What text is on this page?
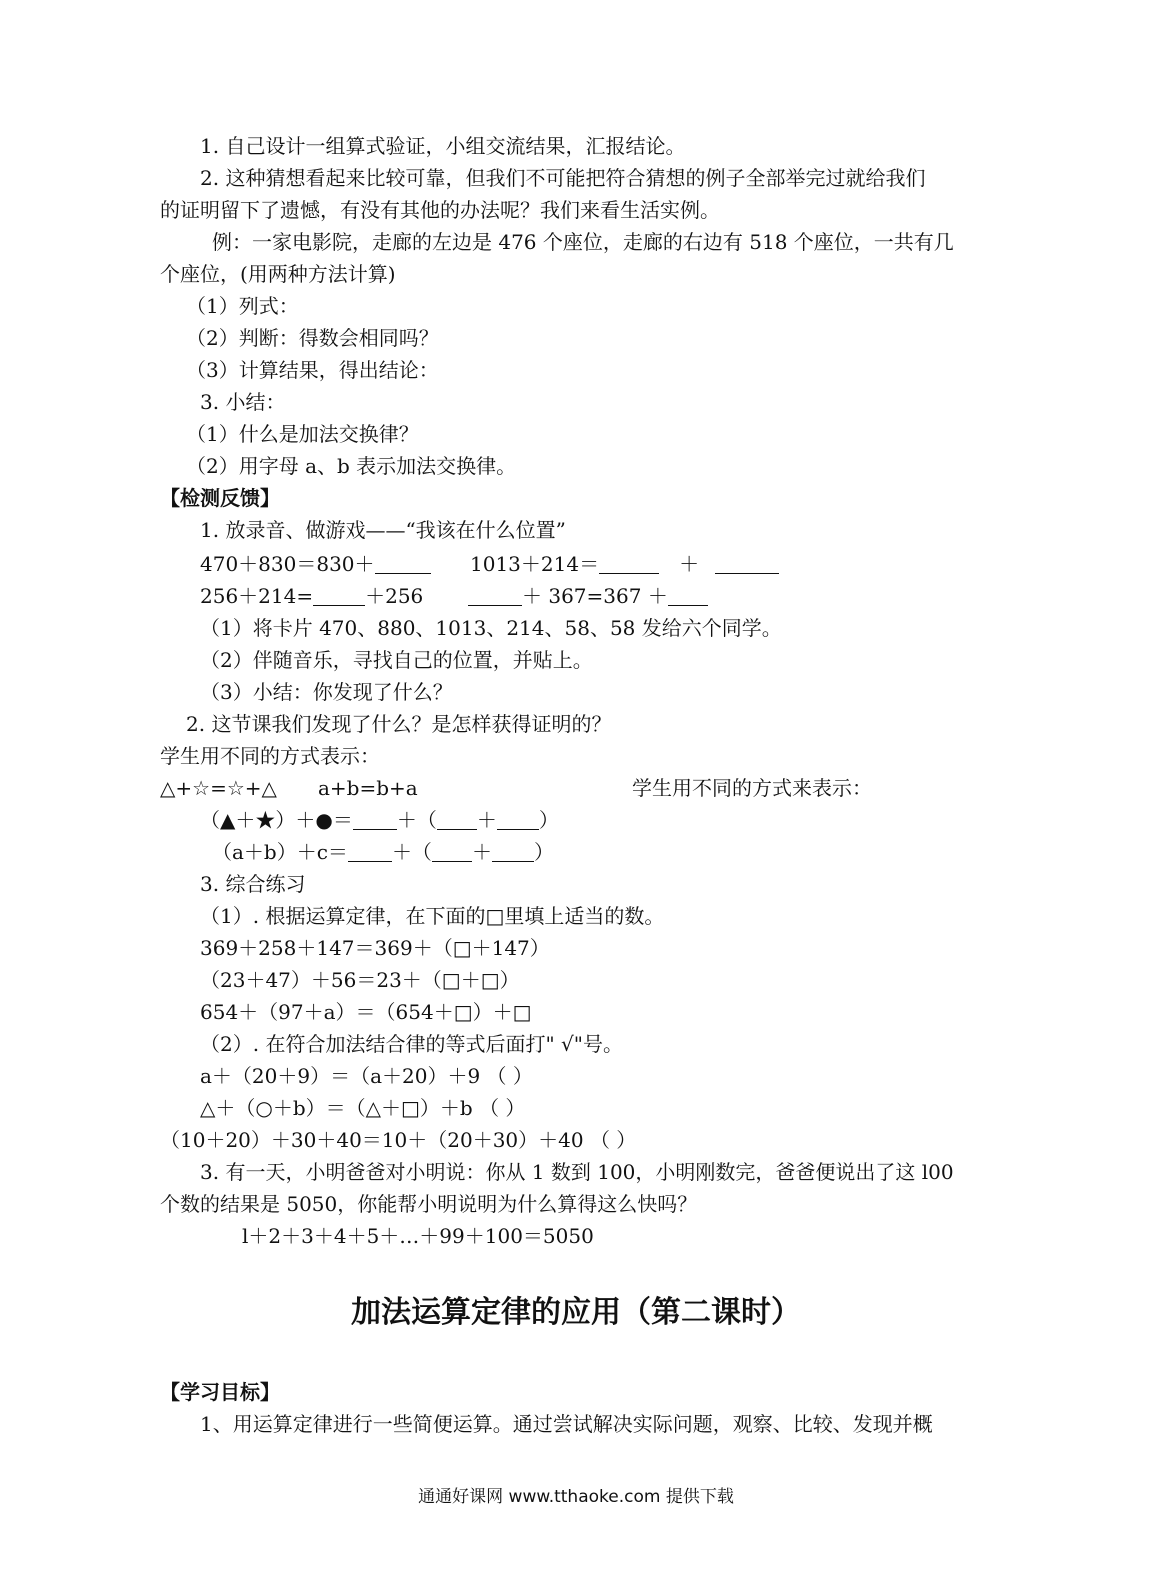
1. 自己设计一组算式验证，小组交流结果，汇报结论。
2. 这种猜想看起来比较可靠，但我们不可能把符合猜想的例子全部举完过就给我们
的证明留下了遗憾，有没有其他的办法呢？我们来看生活实例。
例：一家电影院，走廊的左边是 476 个座位，走廊的右边有 518 个座位，一共有几
个座位，(用两种方法计算)
（1）列式：
（2）判断：得数会相同吗？
（3）计算结果，得出结论：
3. 小结：
（1）什么是加法交换律？
（2）用字母 a、b 表示加法交换律。
【检测反馈】
1. 放录音、做游戏——“我该在什么位置”
470＋830＝830＋	1013＋214＝	＋
256＋214=	＋256	＋ 367=367 ＋
（1）将卡片 470、880、1013、214、58、58 发给六个同学。
（2）伴随音乐，寻找自己的位置，并贴上。
（3）小结：你发现了什么？
2. 这节课我们发现了什么？是怎样获得证明的？
学生用不同的方式表示：
△+☆=☆+△ a+b=b+a	学生用不同的方式来表示：
（▲＋★）＋●＝ ＋（ ＋ ）
（a＋b）＋c＝ ＋（ ＋ ）
3. 综合练习
（1）. 根据运算定律，在下面的□里填上适当的数。
369＋258＋147＝369＋（□＋147）
（23＋47）＋56＝23＋（□＋□）
654＋（97＋a）＝（654＋□）＋□
（2）. 在符合加法结合律的等式后面打" √"号。
a＋（20＋9）＝（a＋20）＋9 （ ）
△＋（○＋b）＝（△＋□）＋b （ ）
（10＋20）＋30＋40＝10＋（20＋30）＋40 （ ）
3. 有一天，小明爸爸对小明说：你从 1 数到 100，小明刚数完，爸爸便说出了这 l00
个数的结果是 5050，你能帮小明说明为什么算得这么快吗？
l＋2＋3＋4＋5＋…＋99＋100＝5050
加法运算定律的应用（第二课时）
【学习目标】
1、用运算定律进行一些简便运算。通过尝试解决实际问题，观察、比较、发现并概
通通好课网 www.tthaoke.com 提供下载
